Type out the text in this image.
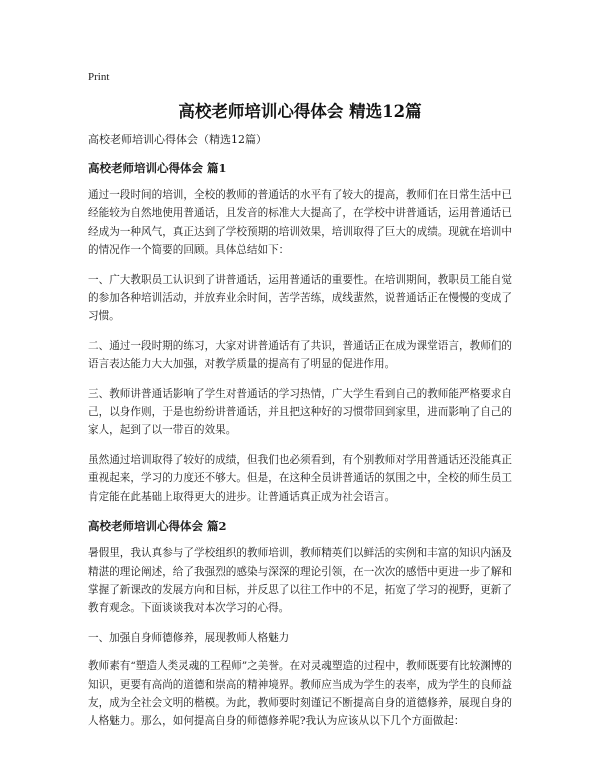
Print
高校老师培训心得体会 精选12篇
高校老师培训心得体会（精选12篇）
高校老师培训心得体会 篇1

通过一段时间的培训，全校的教师的普通话的水平有了较大的提高，教师们在日常生活中已经能较为自然地使用普通话，且发音的标准大大提高了，在学校中讲普通话，运用普通话已经成为一种风气，真正达到了学校预期的培训效果，培训取得了巨大的成绩。现就在培训中的情况作一个简要的回顾。具体总结如下：

一、广大教职员工认识到了讲普通话，运用普通话的重要性。在培训期间，教职员工能自觉的参加各种培训活动，并放弃业余时间，苦学苦练，成线蜚然，说普通话正在慢慢的变成了习惯。

二、通过一段时期的练习，大家对讲普通话有了共识，普通话正在成为课堂语言，教师们的语言表达能力大大加强，对教学质量的提高有了明显的促进作用。

三、教师讲普通话影响了学生对普通话的学习热情，广大学生看到自己的教师能严格要求自己，以身作则，于是也纷纷讲普通话，并且把这种好的习惯带回到家里，进而影响了自己的家人，起到了以一带百的效果。

虽然通过培训取得了较好的成绩，但我们也必须看到，有个别教师对学用普通话还没能真正重视起来，学习的力度还不够大。但是，在这种全员讲普通话的氛围之中，全校的师生员工肯定能在此基础上取得更大的进步。让普通话真正成为社会语言。

高校老师培训心得体会 篇2

暑假里，我认真参与了学校组织的教师培训，教师精英们以鲜活的实例和丰富的知识内涵及精湛的理论阐述，给了我强烈的感染与深深的理论引领，在一次次的感悟中更进一步了解和掌握了新课改的发展方向和目标，并反思了以往工作中的不足，拓宽了学习的视野，更新了教育观念。下面谈谈我对本次学习的心得。

一、加强自身师德修养，展现教师人格魅力

教师素有“塑造人类灵魂的工程师”之美誉。在对灵魂塑造的过程中，教师既要有比较渊博的知识，更要有高尚的道德和崇高的精神境界。教师应当成为学生的表率，成为学生的良师益友，成为全社会文明的楷模。为此，教师要时刻谨记不断提高自身的道德修养，展现自身的人格魅力。那么，如何提高自身的师德修养呢?我认为应该从以下几个方面做起：
